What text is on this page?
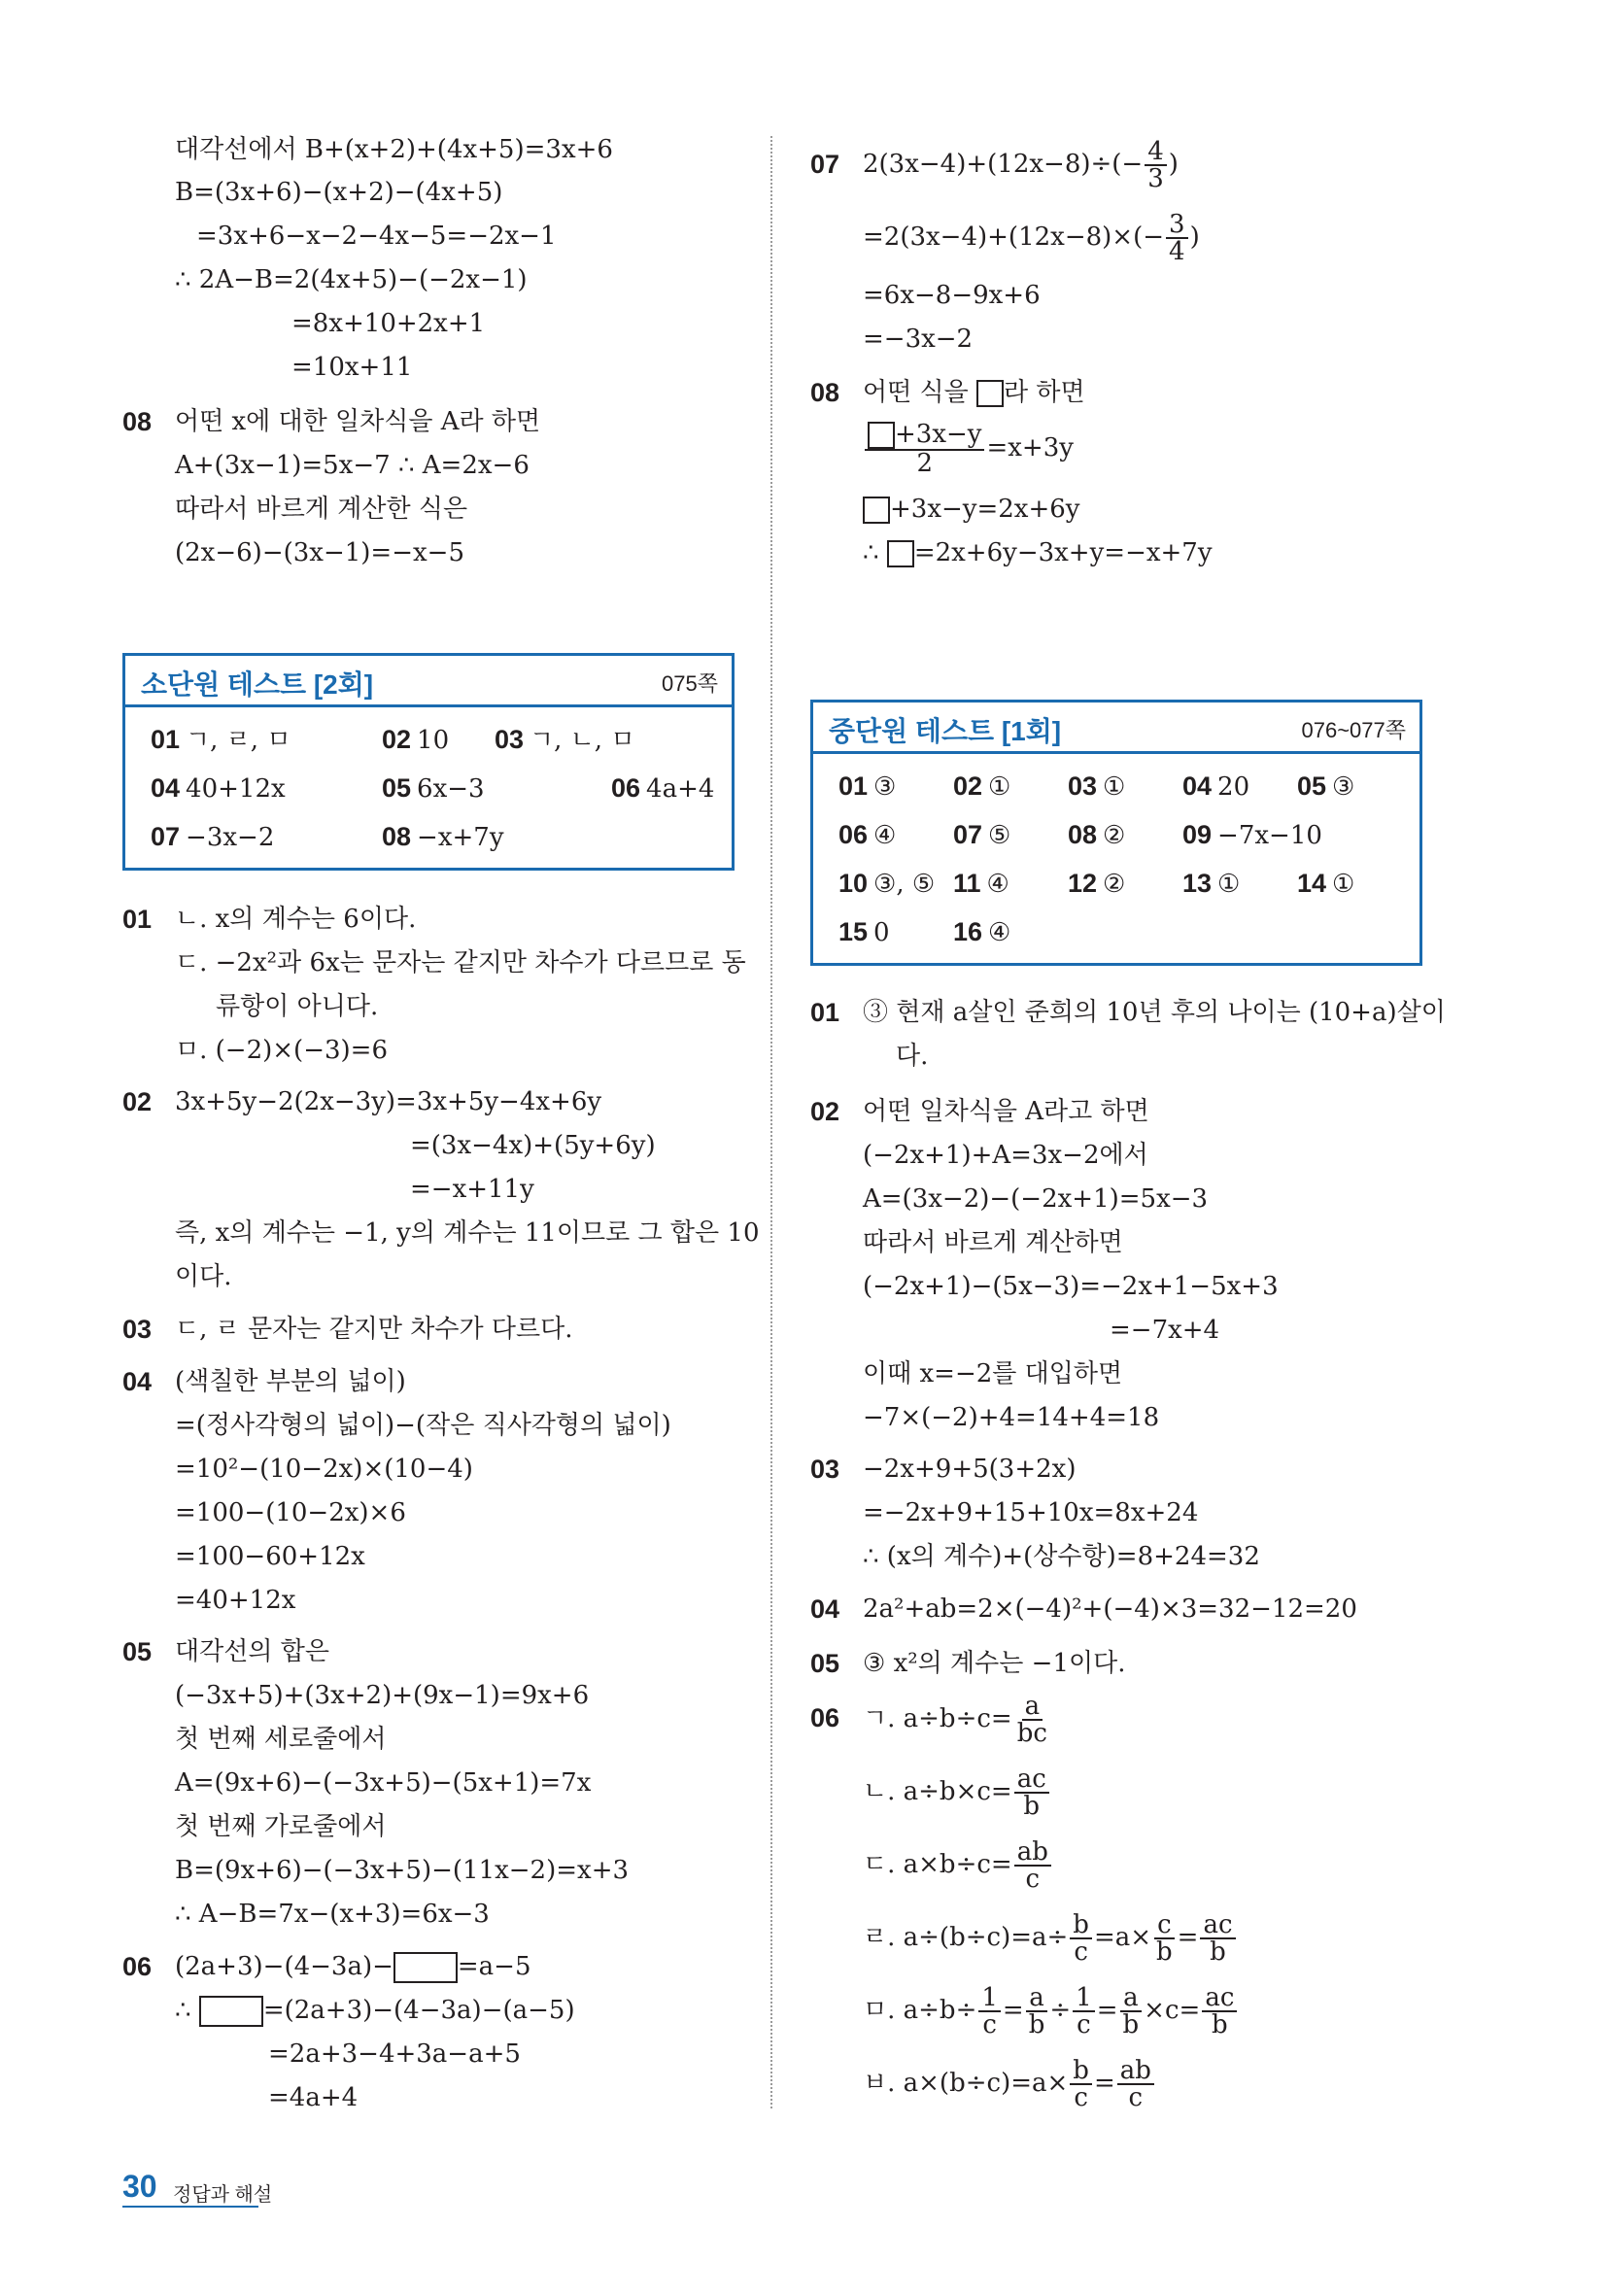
대각선에서 B+(x+2)+(4x+5)=3x+6
B=(3x+6)−(x+2)−(4x+5)
=3x+6−x−2−4x−5=−2x−1
∴ 2A−B=2(4x+5)−(−2x−1)
=8x+10+2x+1
=10x+11
08 어떤 x에 대한 일차식을 A라 하면
A+(3x−1)=5x−7 ∴ A=2x−6
따라서 바르게 계산한 식은
(2x−6)−(3x−1)=−x−5
소단원 테스트 [2회]	075쪽
01 ㄱ, ㄹ, ㅁ	02 10 03 ㄱ, ㄴ, ㅁ
04 40+12x	05 6x−3	06 4a+4
07 −3x−2	08 −x+7y
01 ㄴ. x의 계수는 6이다.
ㄷ. −2x²과 6x는 문자는 같지만 차수가 다르므로 동
류항이 아니다.
ㅁ. (−2)×(−3)=6
02 3x+5y−2(2x−3y)=3x+5y−4x+6y
=(3x−4x)+(5y+6y)
=−x+11y
즉, x의 계수는 −1, y의 계수는 11이므로 그 합은 10
이다.
03 ㄷ, ㄹ 문자는 같지만 차수가 다르다.
04 (색칠한 부분의 넓이)
=(정사각형의 넓이)−(작은 직사각형의 넓이)
=10²−(10−2x)×(10−4)
=100−(10−2x)×6
=100−60+12x
=40+12x
05 대각선의 합은
(−3x+5)+(3x+2)+(9x−1)=9x+6
첫 번째 세로줄에서
A=(9x+6)−(−3x+5)−(5x+1)=7x
첫 번째 가로줄에서
B=(9x+6)−(−3x+5)−(11x−2)=x+3
∴ A−B=7x−(x+3)=6x−3
06 (2a+3)−(4−3a)−	=a−5
∴	=(2a+3)−(4−3a)−(a−5)
=2a+3−4+3a−a+5
=4a+4
07 $2(3x-4)+(12x-8)\div(- \frac{4}{3}$ )
$=2(3x-4)+(12x-8)\times(- \frac{3}{4}$ )
=6x−8−9x+6
=−3x−2
08 어떤 식을 라 하면
$\frac{+3x-y}{2} =x+3y$
+3x−y=2x+6y
∴ =2x+6y−3x+y=−x+7y
중단원 테스트 [1회]	076~077쪽
01 ③ 02 ① 03 ① 04 20 05 ③
06 ④ 07 ⑤ 08 ② 09 −7x−10
10 ③, ⑤ 11 ④ 12 ② 13 ① 14 ①
15 0 16 ④
01 ③ 현재 a살인 준희의 10년 후의 나이는 (10+a)살이
다.
02 어떤 일차식을 A라고 하면
(−2x+1)+A=3x−2에서
A=(3x−2)−(−2x+1)=5x−3
따라서 바르게 계산하면
(−2x+1)−(5x−3)=−2x+1−5x+3
=−7x+4
이때 x=−2를 대입하면
−7×(−2)+4=14+4=18
03 −2x+9+5(3+2x)
=−2x+9+15+10x=8x+24
∴ (x의 계수)+(상수항)=8+24=32
04 2a²+ab=2×(−4)²+(−4)×3=32−12=20
05 ③ x²의 계수는 −1이다.
06 ㄱ. $a\div b\div c= \frac{a}{bc}$
ㄴ. $a\div b\times c= \frac{ac}{b}$
ㄷ. $a\times b\div c= \frac{ab}{c}$
ㄹ. $a\div(b\div c)=a\div \frac{b}{c} =a\times \frac{c}{b} = \frac{ac}{b}$
ㅁ. $a\div b\div \frac{1}{c} = \frac{a}{b} \div \frac{1}{c} = \frac{a}{b} \times c= \frac{ac}{b}$
ㅂ. $a\times(b\div c)=a\times \frac{b}{c} = \frac{ab}{c}$
30 정답과 해설
